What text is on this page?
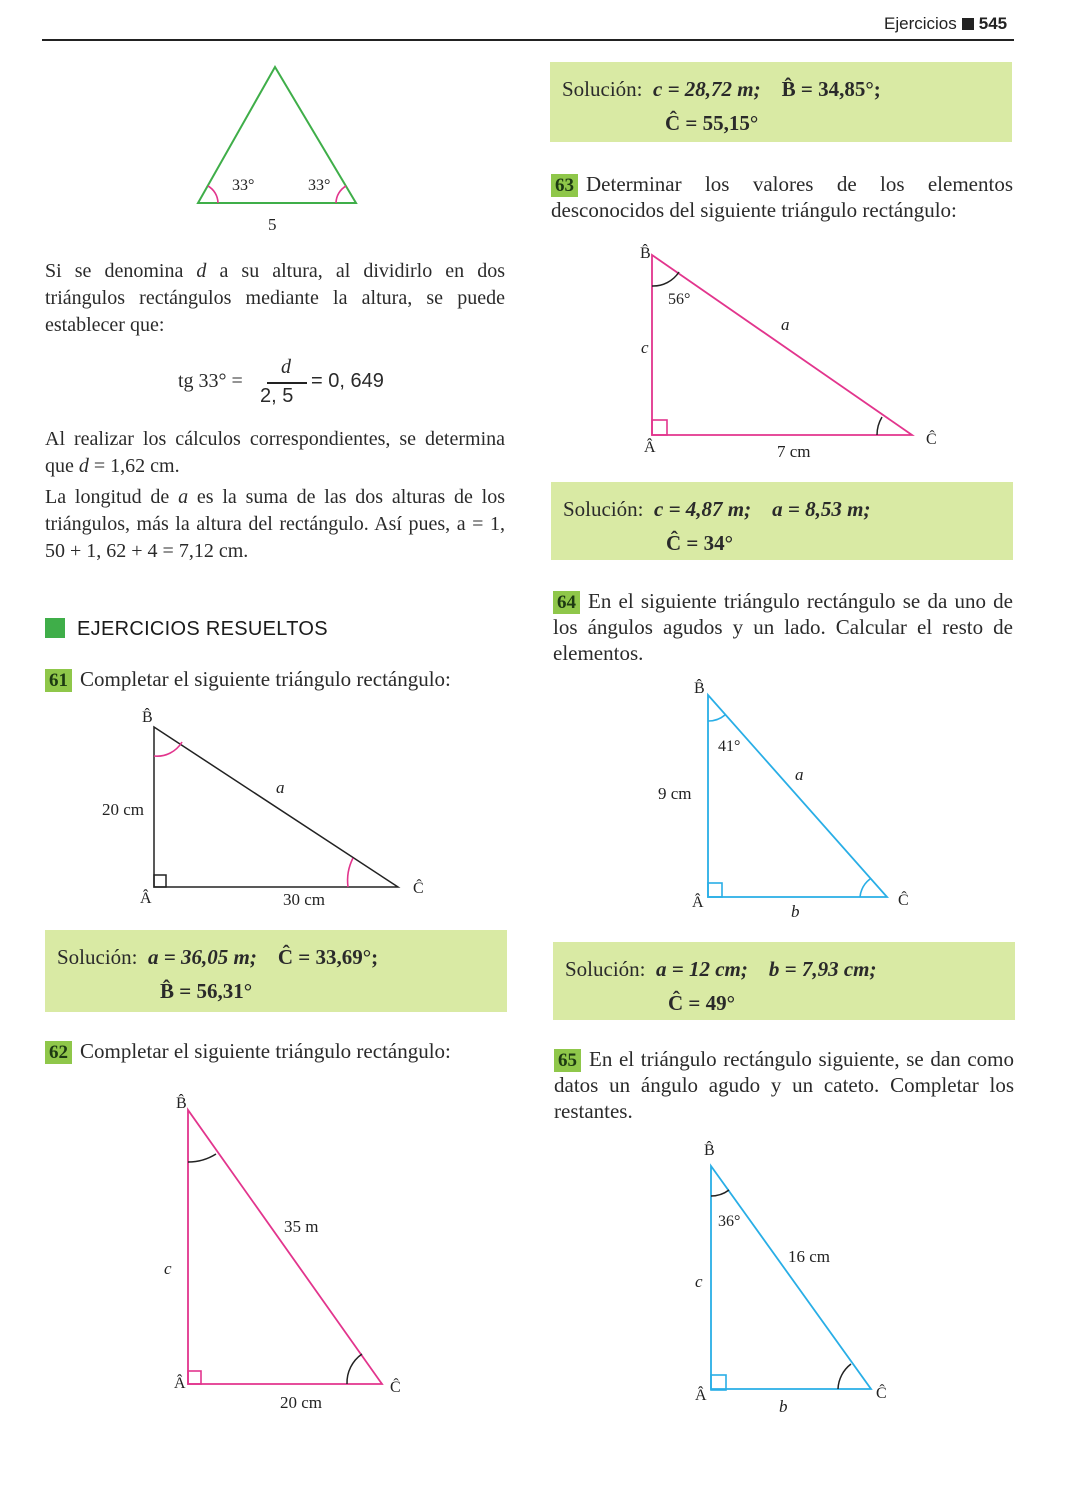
Ejercicios 545
33°	33°
5
Si se denomina d a su altura, al dividirlo en dos triángulos rectángulos mediante la altura, se puede establecer que:
tg 33° =
d
2, 5
= 0, 649
Al realizar los cálculos correspondientes, se determina que d = 1,62 cm.
La longitud de a es la suma de las dos alturas de los triángulos, más la altura del rectángulo. Así pues, a = 1, 50 + 1, 62 + 4 = 7,12 cm.
EJERCICIOS RESUELTOS
61 Completar el siguiente triángulo rectángulo:
B̂
Â
Ĉ
20 cm
30 cm
a
Solución: a = 36,05 m; Ĉ = 33,69°;
B̂ = 56,31°
62 Completar el siguiente triángulo rectángulo:
B̂
Â	Ĉ
c
20 cm
35 m
Solución: c = 28,72 m; B̂ = 34,85°;
Ĉ = 55,15°
63 Determinar los valores de los elementos desconocidos del siguiente triángulo rectángulo:
B̂
Â	Ĉ
56°
c
7 cm
a
Solución: c = 4,87 m; a = 8,53 m;
Ĉ = 34°
64 En el siguiente triángulo rectángulo se da uno de los ángulos agudos y un lado. Calcular el resto de elementos.
B̂
Â	Ĉ
41°
9 cm
b
a
Solución: a = 12 cm; b = 7,93 cm;
Ĉ = 49°
65 En el triángulo rectángulo siguiente, se dan como datos un ángulo agudo y un cateto. Completar los restantes.
B̂
Â	Ĉ
36°
c
b
16 cm
